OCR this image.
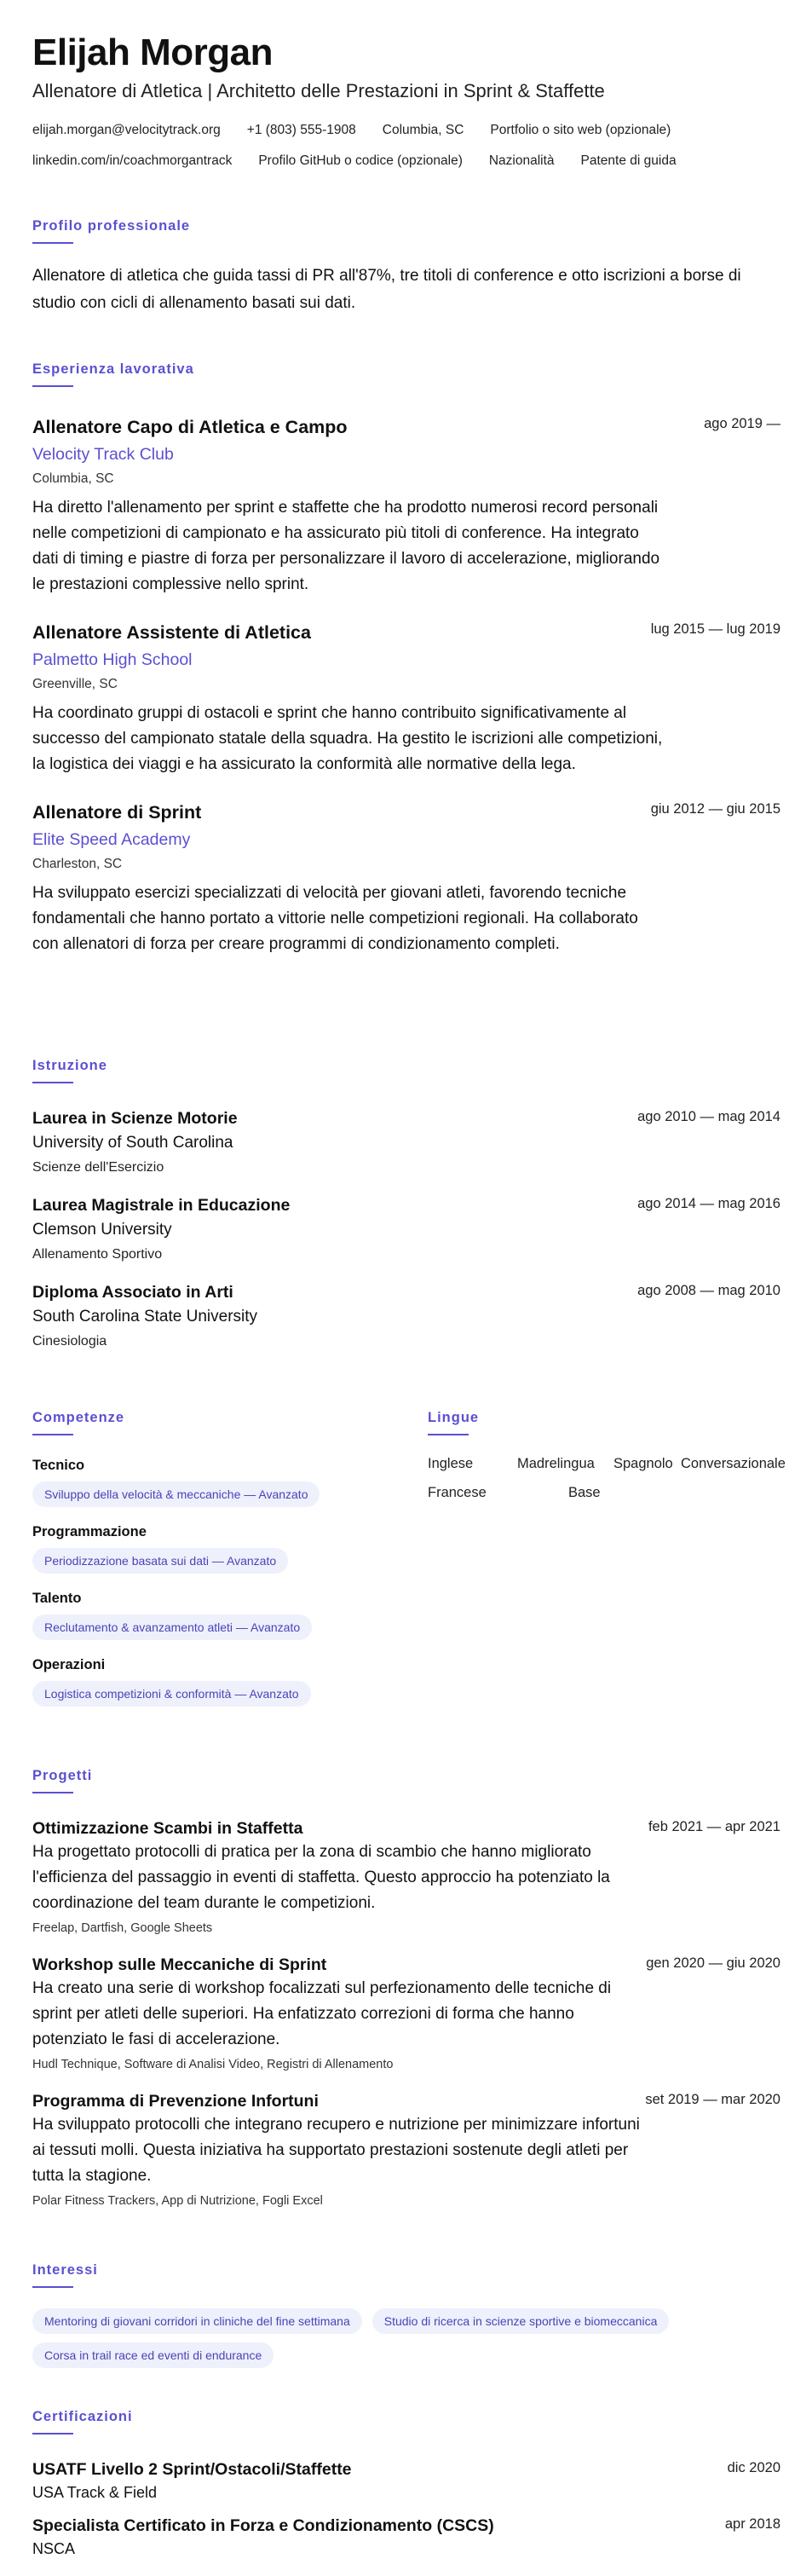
Elijah Morgan
Allenatore di Atletica | Architetto delle Prestazioni in Sprint & Staffette
elijah.morgan@velocitytrack.org +1 (803) 555-1908 Columbia, SC Portfolio o sito web (opzionale)
linkedin.com/in/coachmorgantrack Profilo GitHub o codice (opzionale) Nazionalità Patente di guida
Profilo professionale
Allenatore di atletica che guida tassi di PR all'87%, tre titoli di conference e otto iscrizioni a borse di studio con cicli di allenamento basati sui dati.
Esperienza lavorativa
Allenatore Capo di Atletica e Campo
Velocity Track Club
Columbia, SC
Ha diretto l'allenamento per sprint e staffette che ha prodotto numerosi record personali nelle competizioni di campionato e ha assicurato più titoli di conference. Ha integrato dati di timing e piastre di forza per personalizzare il lavoro di accelerazione, migliorando le prestazioni complessive nello sprint.
ago 2019 —
Allenatore Assistente di Atletica
Palmetto High School
Greenville, SC
Ha coordinato gruppi di ostacoli e sprint che hanno contribuito significativamente al successo del campionato statale della squadra. Ha gestito le iscrizioni alle competizioni, la logistica dei viaggi e ha assicurato la conformità alle normative della lega.
lug 2015 — lug 2019
Allenatore di Sprint
Elite Speed Academy
Charleston, SC
Ha sviluppato esercizi specializzati di velocità per giovani atleti, favorendo tecniche fondamentali che hanno portato a vittorie nelle competizioni regionali. Ha collaborato con allenatori di forza per creare programmi di condizionamento completi.
giu 2012 — giu 2015
Istruzione
Laurea in Scienze Motorie
University of South Carolina
Scienze dell'Esercizio
ago 2010 — mag 2014
Laurea Magistrale in Educazione
Clemson University
Allenamento Sportivo
ago 2014 — mag 2016
Diploma Associato in Arti
South Carolina State University
Cinesiologia
ago 2008 — mag 2010
Competenze
Tecnico
Sviluppo della velocità & meccaniche — Avanzato
Programmazione
Periodizzazione basata sui dati — Avanzato
Talento
Reclutamento & avanzamento atleti — Avanzato
Operazioni
Logistica competizioni & conformità — Avanzato
Lingue
Inglese	Madrelingua Spagnolo Conversazionale
Francese	Base
Progetti
Ottimizzazione Scambi in Staffetta
Ha progettato protocolli di pratica per la zona di scambio che hanno migliorato l'efficienza del passaggio in eventi di staffetta. Questo approccio ha potenziato la coordinazione del team durante le competizioni.
Freelap, Dartfish, Google Sheets
feb 2021 — apr 2021
Workshop sulle Meccaniche di Sprint
Ha creato una serie di workshop focalizzati sul perfezionamento delle tecniche di sprint per atleti delle superiori. Ha enfatizzato correzioni di forma che hanno potenziato le fasi di accelerazione.
Hudl Technique, Software di Analisi Video, Registri di Allenamento
gen 2020 — giu 2020
Programma di Prevenzione Infortuni
Ha sviluppato protocolli che integrano recupero e nutrizione per minimizzare infortuni ai tessuti molli. Questa iniziativa ha supportato prestazioni sostenute degli atleti per tutta la stagione.
Polar Fitness Trackers, App di Nutrizione, Fogli Excel
set 2019 — mar 2020
Interessi
Mentoring di giovani corridori in cliniche del fine settimana	Studio di ricerca in scienze sportive e biomeccanica
Corsa in trail race ed eventi di endurance
Certificazioni
USATF Livello 2 Sprint/Ostacoli/Staffette
USA Track & Field
dic 2020
Specialista Certificato in Forza e Condizionamento (CSCS)
NSCA
apr 2018
